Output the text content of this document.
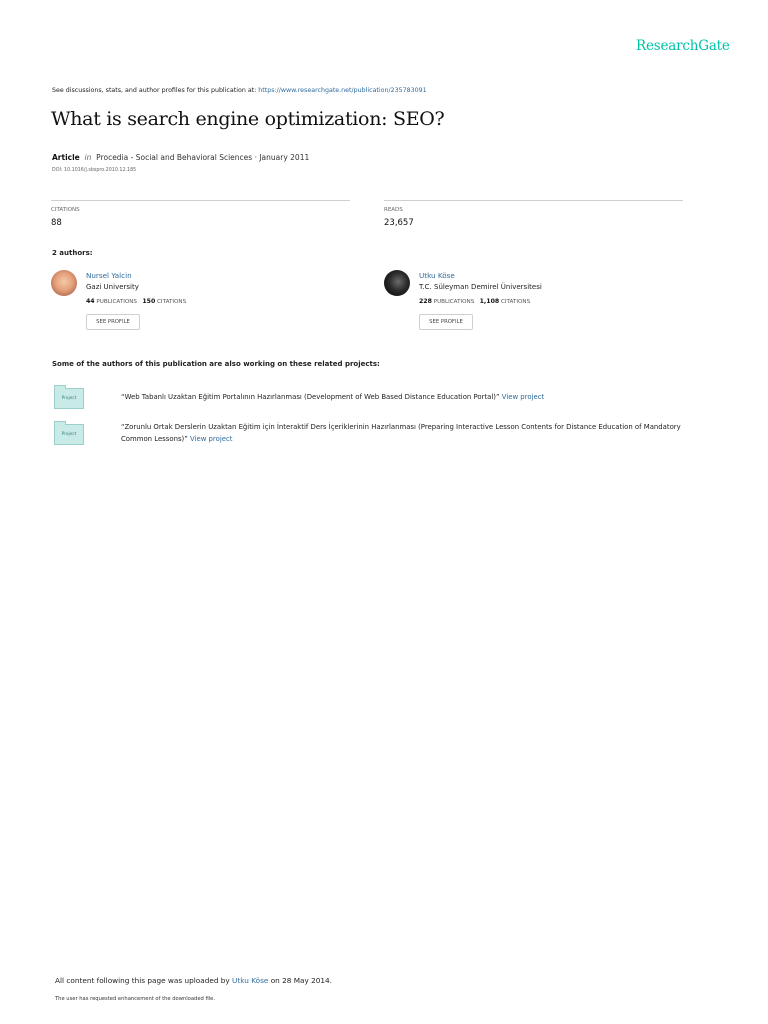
ResearchGate
See discussions, stats, and author profiles for this publication at: https://www.researchgate.net/publication/235783091
What is search engine optimization: SEO?
Article in Procedia - Social and Behavioral Sciences · January 2011
DOI: 10.1016/j.sbspro.2010.12.185
CITATIONS
88
READS
23,657
2 authors:
Nursel Yalcin
Gazi University
44 PUBLICATIONS 150 CITATIONS
SEE PROFILE
Utku Köse
T.C. Süleyman Demirel Üniversitesi
228 PUBLICATIONS 1,108 CITATIONS
SEE PROFILE
Some of the authors of this publication are also working on these related projects:
Project	“Web Tabanlı Uzaktan Eğitim Portalının Hazırlanması (Development of Web Based Distance Education Portal)” View project
Project
“Zorunlu Ortak Derslerin Uzaktan Eğitim için İnteraktif Ders İçeriklerinin Hazırlanması (Preparing Interactive Lesson Contents for Distance Education of Mandatory Common Lessons)” View project
All content following this page was uploaded by Utku Köse on 28 May 2014.
The user has requested enhancement of the downloaded file.
